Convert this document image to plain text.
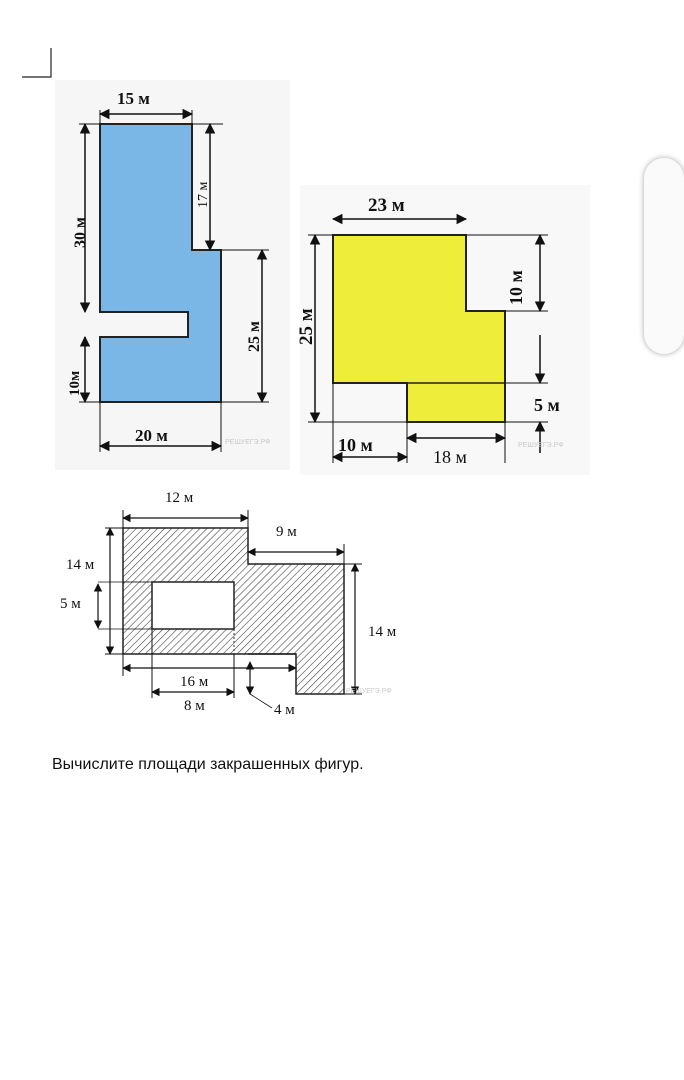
15 м
30 м
10м
17 м
25 м
20 м	РЕШУЕГЭ.РФ
23 м
25 м
10 м
5 м
10 м
18 м
РЕШУЕГЭ.РФ
12 м
9 м
14 м
5 м
14 м
16 м
8 м	4 м
РЕШУЕГЭ.РФ
Вычислите площади закрашенных фигур.
